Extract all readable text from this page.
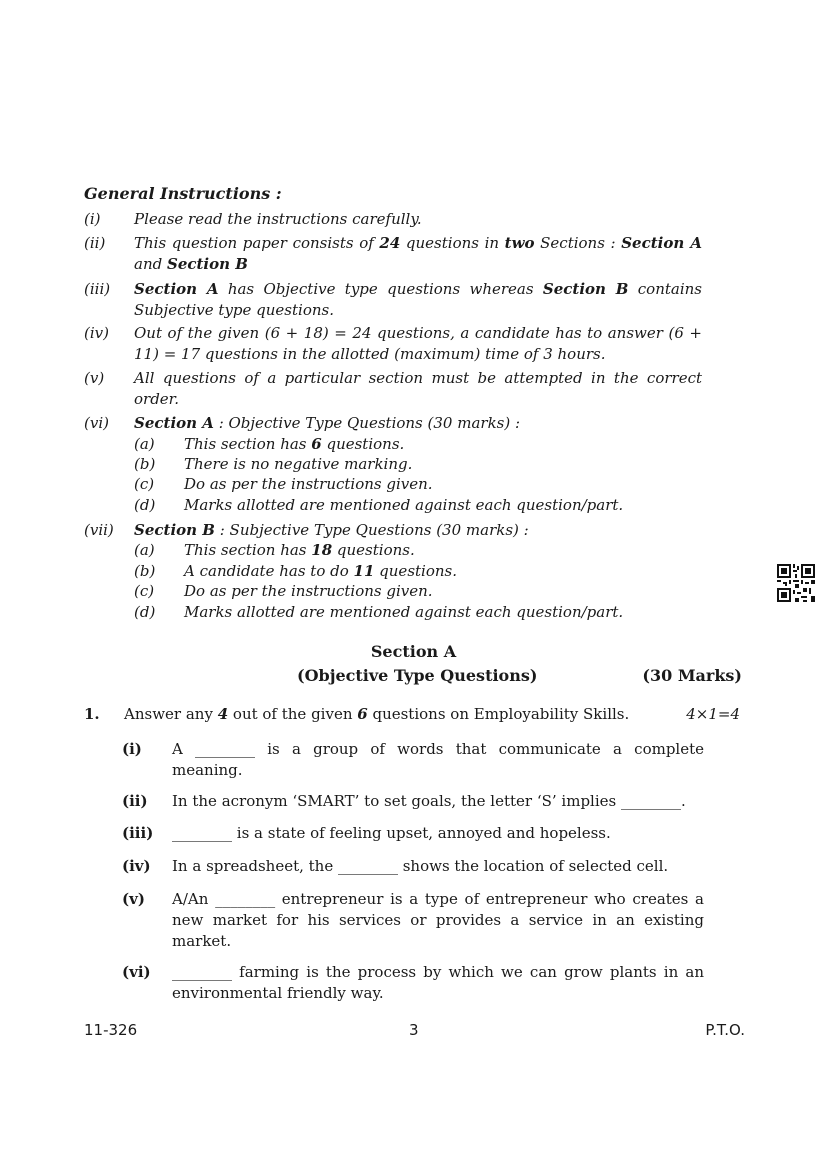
General Instructions :
(i)	Please read the instructions carefully.
(ii)	This question paper consists of 24 questions in two Sections : Section A and Section B
(iii)	Section A has Objective type questions whereas Section B contains Subjective type questions.
(iv)	Out of the given (6 + 18) = 24 questions, a candidate has to answer (6 + 11) = 17 questions in the allotted (maximum) time of 3 hours.
(v)	All questions of a particular section must be attempted in the correct order.
(vi)	Section A : Objective Type Questions (30 marks) :
(a) This section has 6 questions.
(b) There is no negative marking.
(c) Do as per the instructions given.
(d) Marks allotted are mentioned against each question/part.
(vii)	Section B : Subjective Type Questions (30 marks) :
(a) This section has 18 questions.
(b) A candidate has to do 11 questions.
(c) Do as per the instructions given.
(d) Marks allotted are mentioned against each question/part.
Section A
(Objective Type Questions)	(30 Marks)
1. Answer any 4 out of the given 6 questions on Employability Skills.	4×1=4
(i) A ________ is a group of words that communicate a complete meaning.
(ii) In the acronym ‘SMART’ to set goals, the letter ‘S’ implies ________.
(iii) ________ is a state of feeling upset, annoyed and hopeless.
(iv) In a spreadsheet, the ________ shows the location of selected cell.
(v) A/An ________ entrepreneur is a type of entrepreneur who creates a new market for his services or provides a service in an existing market.
(vi) ________ farming is the process by which we can grow plants in an environmental friendly way.
11-326	3	P.T.O.
